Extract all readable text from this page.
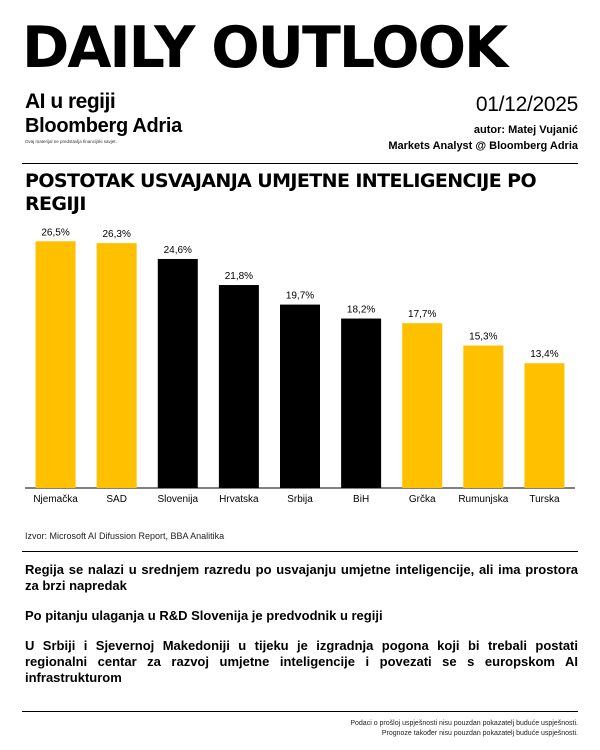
DAILY OUTLOOK
AI u regiji
Bloomberg Adria
Ovaj materijal ne predstavlja financijski savjet.
01/12/2025
autor: Matej Vujanić
Markets Analyst @ Bloomberg Adria
POSTOTAK USVAJANJA UMJETNE INTELIGENCIJE PO REGIJI
26,5%
Njemačka
26,3%
SAD
24,6%
Slovenija
21,8%
Hrvatska
19,7%
Srbija
18,2%
BiH
17,7%
Grčka
15,3%
Rumunjska
13,4%
Turska
Izvor: Microsoft AI Difussion Report, BBA Analitika

Regija se nalazi u srednjem razredu po usvajanju umjetne inteligencije, ali ima prostora za brzi napredak

Po pitanju ulaganja u R&D Slovenija je predvodnik u regiji

U Srbiji i Sjevernoj Makedoniji u tijeku je izgradnja pogona koji bi trebali postati regionalni centar za razvoj umjetne inteligencije i povezati se s europskom AI infrastrukturom

Podaci o prošloj uspješnosti nisu pouzdan pokazatelj buduće uspješnosti.
Prognoze također nisu pouzdan pokazatelj buduće uspješnosti.
